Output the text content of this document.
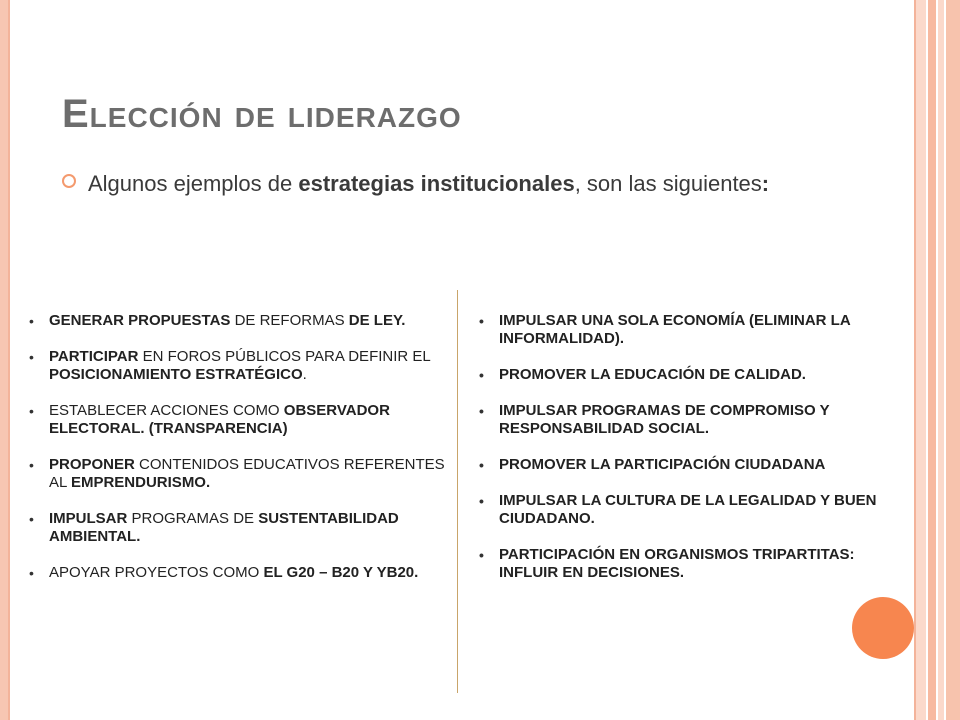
Elección de liderazgo
Algunos ejemplos de estrategias institucionales, son las siguientes:
• GENERAR PROPUESTAS DE REFORMAS DE LEY.
• PARTICIPAR EN FOROS PÚBLICOS PARA DEFINIR EL POSICIONAMIENTO ESTRATÉGICO.
• ESTABLECER ACCIONES COMO OBSERVADOR ELECTORAL. (TRANSPARENCIA)
• PROPONER CONTENIDOS EDUCATIVOS REFERENTES AL EMPRENDURISMO.
• IMPULSAR PROGRAMAS DE SUSTENTABILIDAD AMBIENTAL.
• APOYAR PROYECTOS COMO EL G20 – B20 Y YB20.
• IMPULSAR UNA SOLA ECONOMÍA (ELIMINAR LA INFORMALIDAD).
• PROMOVER LA EDUCACIÓN DE CALIDAD.
• IMPULSAR PROGRAMAS DE COMPROMISO Y RESPONSABILIDAD SOCIAL.
• PROMOVER LA PARTICIPACIÓN CIUDADANA
• IMPULSAR LA CULTURA DE LA LEGALIDAD Y BUEN CIUDADANO.
• PARTICIPACIÓN EN ORGANISMOS TRIPARTITAS: INFLUIR EN DECISIONES.
